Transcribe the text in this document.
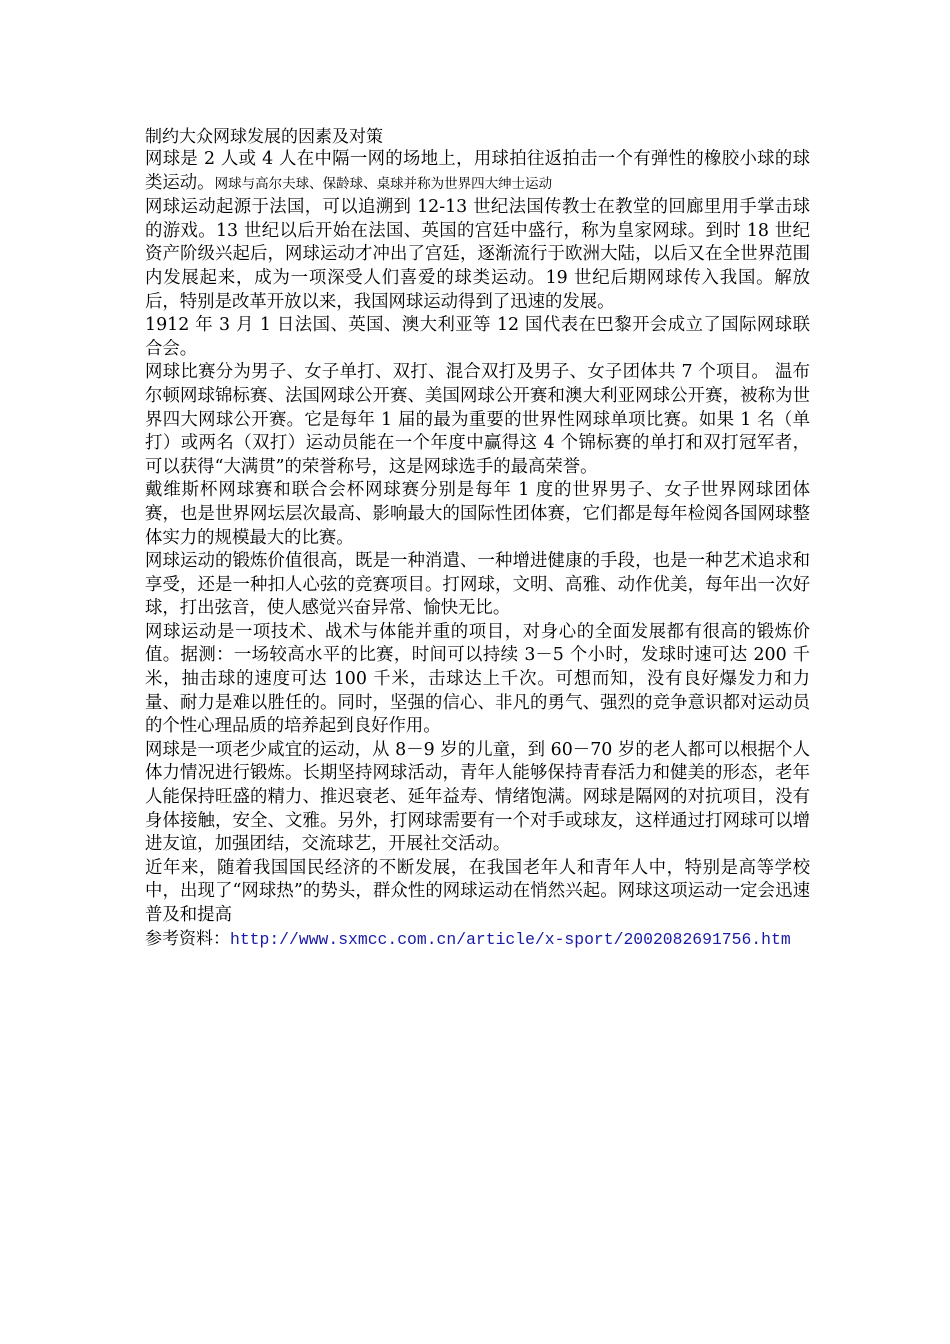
制约大众网球发展的因素及对策

网球是 2 人或 4 人在中隔一网的场地上，用球拍往返拍击一个有弹性的橡胶小球的球类运动。网球与高尔夫球、保龄球、桌球并称为世界四大绅士运动

网球运动起源于法国，可以追溯到 12-13 世纪法国传教士在教堂的回廊里用手掌击球的游戏。13 世纪以后开始在法国、英国的宫廷中盛行，称为皇家网球。到时 18 世纪资产阶级兴起后，网球运动才冲出了宫廷，逐渐流行于欧洲大陆，以后又在全世界范围内发展起来，成为一项深受人们喜爱的球类运动。19 世纪后期网球传入我国。解放后，特别是改革开放以来，我国网球运动得到了迅速的发展。

1912 年 3 月 1 日法国、英国、澳大利亚等 12 国代表在巴黎开会成立了国际网球联合会。

网球比赛分为男子、女子单打、双打、混合双打及男子、女子团体共 7 个项目。 温布尔顿网球锦标赛、法国网球公开赛、美国网球公开赛和澳大利亚网球公开赛，被称为世界四大网球公开赛。它是每年 1 届的最为重要的世界性网球单项比赛。如果 1 名（单打）或两名（双打）运动员能在一个年度中赢得这 4 个锦标赛的单打和双打冠军者，可以获得“大满贯”的荣誉称号，这是网球选手的最高荣誉。

戴维斯杯网球赛和联合会杯网球赛分别是每年 1 度的世界男子、女子世界网球团体赛，也是世界网坛层次最高、影响最大的国际性团体赛，它们都是每年检阅各国网球整体实力的规模最大的比赛。

网球运动的锻炼价值很高，既是一种消遣、一种增进健康的手段，也是一种艺术追求和享受，还是一种扣人心弦的竞赛项目。打网球，文明、高雅、动作优美，每年出一次好球，打出弦音，使人感觉兴奋异常、愉快无比。

网球运动是一项技术、战术与体能并重的项目，对身心的全面发展都有很高的锻炼价值。据测：一场较高水平的比赛，时间可以持续 3－5 个小时，发球时速可达 200 千米，抽击球的速度可达 100 千米，击球达上千次。可想而知，没有良好爆发力和力量、耐力是难以胜任的。同时，坚强的信心、非凡的勇气、强烈的竞争意识都对运动员的个性心理品质的培养起到良好作用。

网球是一项老少咸宜的运动，从 8－9 岁的儿童，到 60－70 岁的老人都可以根据个人体力情况进行锻炼。长期坚持网球活动，青年人能够保持青春活力和健美的形态，老年人能保持旺盛的精力、推迟衰老、延年益寿、情绪饱满。网球是隔网的对抗项目，没有身体接触，安全、文雅。另外，打网球需要有一个对手或球友，这样通过打网球可以增进友谊，加强团结，交流球艺，开展社交活动。

近年来，随着我国国民经济的不断发展，在我国老年人和青年人中，特别是高等学校中，出现了“网球热”的势头，群众性的网球运动在悄然兴起。网球这项运动一定会迅速普及和提高

参考资料：http://www.sxmcc.com.cn/article/x-sport/2002082691756.htm
